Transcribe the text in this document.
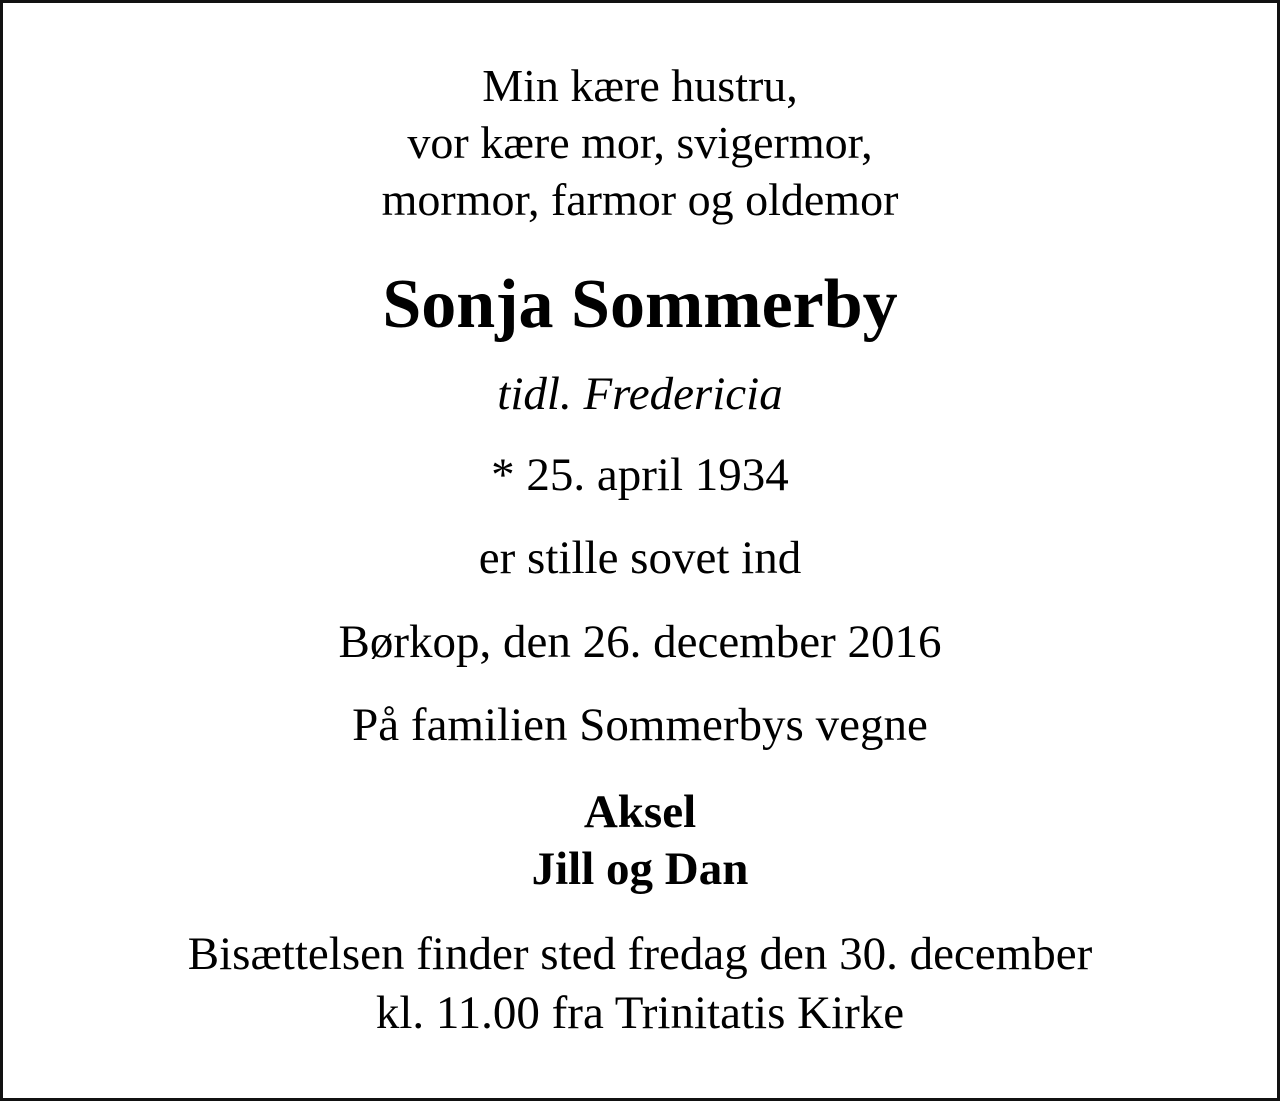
Min kære hustru,
vor kære mor, svigermor,
mormor, farmor og oldemor

Sonja Sommerby

tidl. Fredericia

* 25. april 1934

er stille sovet ind

Børkop, den 26. december 2016

På familien Sommerbys vegne

Aksel
Jill og Dan

Bisættelsen finder sted fredag den 30. december
kl. 11.00 fra Trinitatis Kirke
